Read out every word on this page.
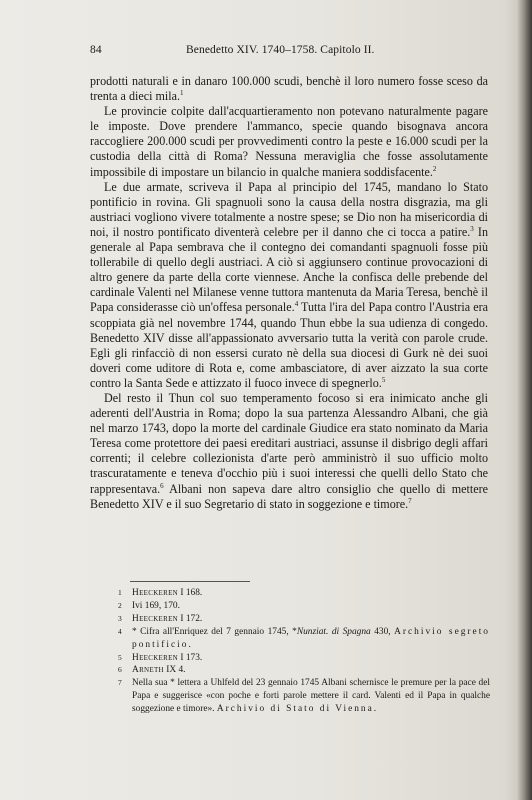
84	Benedetto XIV. 1740–1758. Capitolo II.

prodotti naturali e in danaro 100.000 scudi, benchè il loro numero fosse sceso da trenta a dieci mila.$^1$

Le provincie colpite dall'acquartieramento non potevano naturalmente pagare le imposte. Dove prendere l'ammanco, specie quando bisognava ancora raccogliere 200.000 scudi per provvedimenti contro la peste e 16.000 scudi per la custodia della città di Roma? Nessuna meraviglia che fosse assolutamente impossibile di impostare un bilancio in qualche maniera soddisfacente.$^2$

Le due armate, scriveva il Papa al principio del 1745, mandano lo Stato pontificio in rovina. Gli spagnuoli sono la causa della nostra disgrazia, ma gli austriaci vogliono vivere totalmente a nostre spese; se Dio non ha misericordia di noi, il nostro pontificato diventerà celebre per il danno che ci tocca a patire.$^3$ In generale al Papa sembrava che il contegno dei comandanti spagnuoli fosse più tollerabile di quello degli austriaci. A ciò si aggiunsero continue provocazioni di altro genere da parte della corte viennese. Anche la confisca delle prebende del cardinale Valenti nel Milanese venne tuttora mantenuta da Maria Teresa, benchè il Papa considerasse ciò un'offesa personale.$^4$ Tutta l'ira del Papa contro l'Austria era scoppiata già nel novembre 1744, quando Thun ebbe la sua udienza di congedo. Benedetto XIV disse all'appassionato avversario tutta la verità con parole crude. Egli gli rinfacciò di non essersi curato nè della sua diocesi di Gurk nè dei suoi doveri come uditore di Rota e, come ambasciatore, di aver aizzato la sua corte contro la Santa Sede e attizzato il fuoco invece di spegnerlo.$^5$

Del resto il Thun col suo temperamento focoso si era inimicato anche gli aderenti dell'Austria in Roma; dopo la sua partenza Alessandro Albani, che già nel marzo 1743, dopo la morte del cardinale Giudice era stato nominato da Maria Teresa come protettore dei paesi ereditari austriaci, assunse il disbrigo degli affari correnti; il celebre collezionista d'arte però amministrò il suo ufficio molto trascuratamente e teneva d'occhio più i suoi interessi che quelli dello Stato che rappresentava.$^6$ Albani non sapeva dare altro consiglio che quello di mettere Benedetto XIV e il suo Segretario di stato in soggezione e timore.$^7$

1 Heeckeren I 168.
2 Ivi 169, 170.
3 Heeckeren I 172.
4 * Cifra all'Enriquez del 7 gennaio 1745, *Nunziat. di Spagna 430, Archivio segreto pontificio.
5 Heeckeren I 173.
6 Arneth IX 4.
7 Nella sua * lettera a Uhlfeld del 23 gennaio 1745 Albani schernisce le premure per la pace del Papa e suggerisce «con poche e forti parole mettere il card. Valenti ed il Papa in qualche soggezione e timore». Archivio di Stato di Vienna.
